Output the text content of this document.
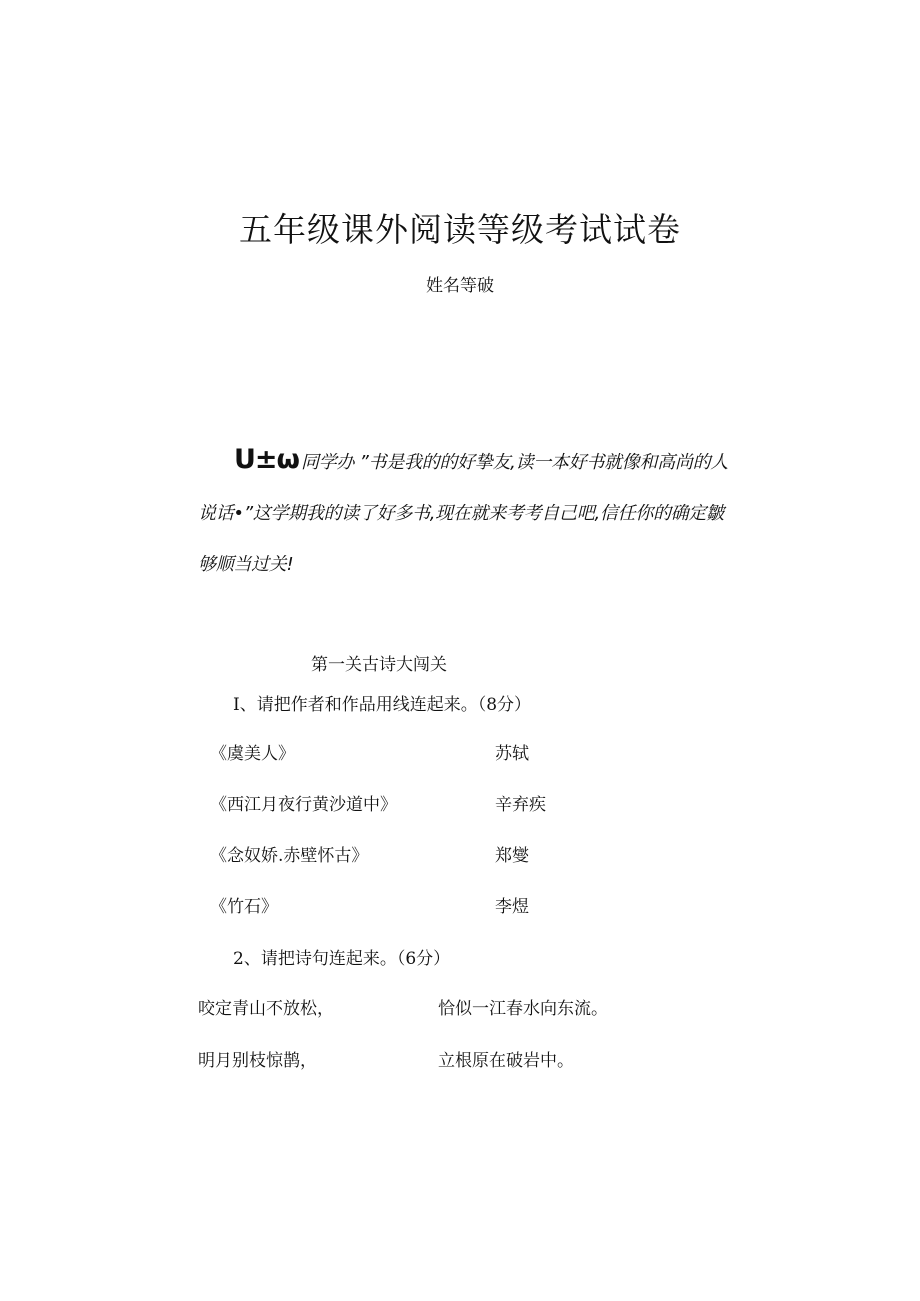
五年级课外阅读等级考试试卷

姓名等破

U±ω 同学办 ”书是我的的好挚友,读一本好书就像和高尚的人说话•”这学期我的读了好多书,现在就来考考自己吧,信任你的确定皺够顺当过关!

第一关古诗大闯关

I、请把作者和作品用线连起来。（8分）

《虞美人》	苏轼
《西江月夜行黄沙道中》	辛弃疾
《念奴娇.赤壁怀古》	郑燮
《竹石》	李煜

2、请把诗句连起来。（6分）

咬定青山不放松，	恰似一江春水向东流。
明月别枝惊鹊，	立根原在破岩中。
